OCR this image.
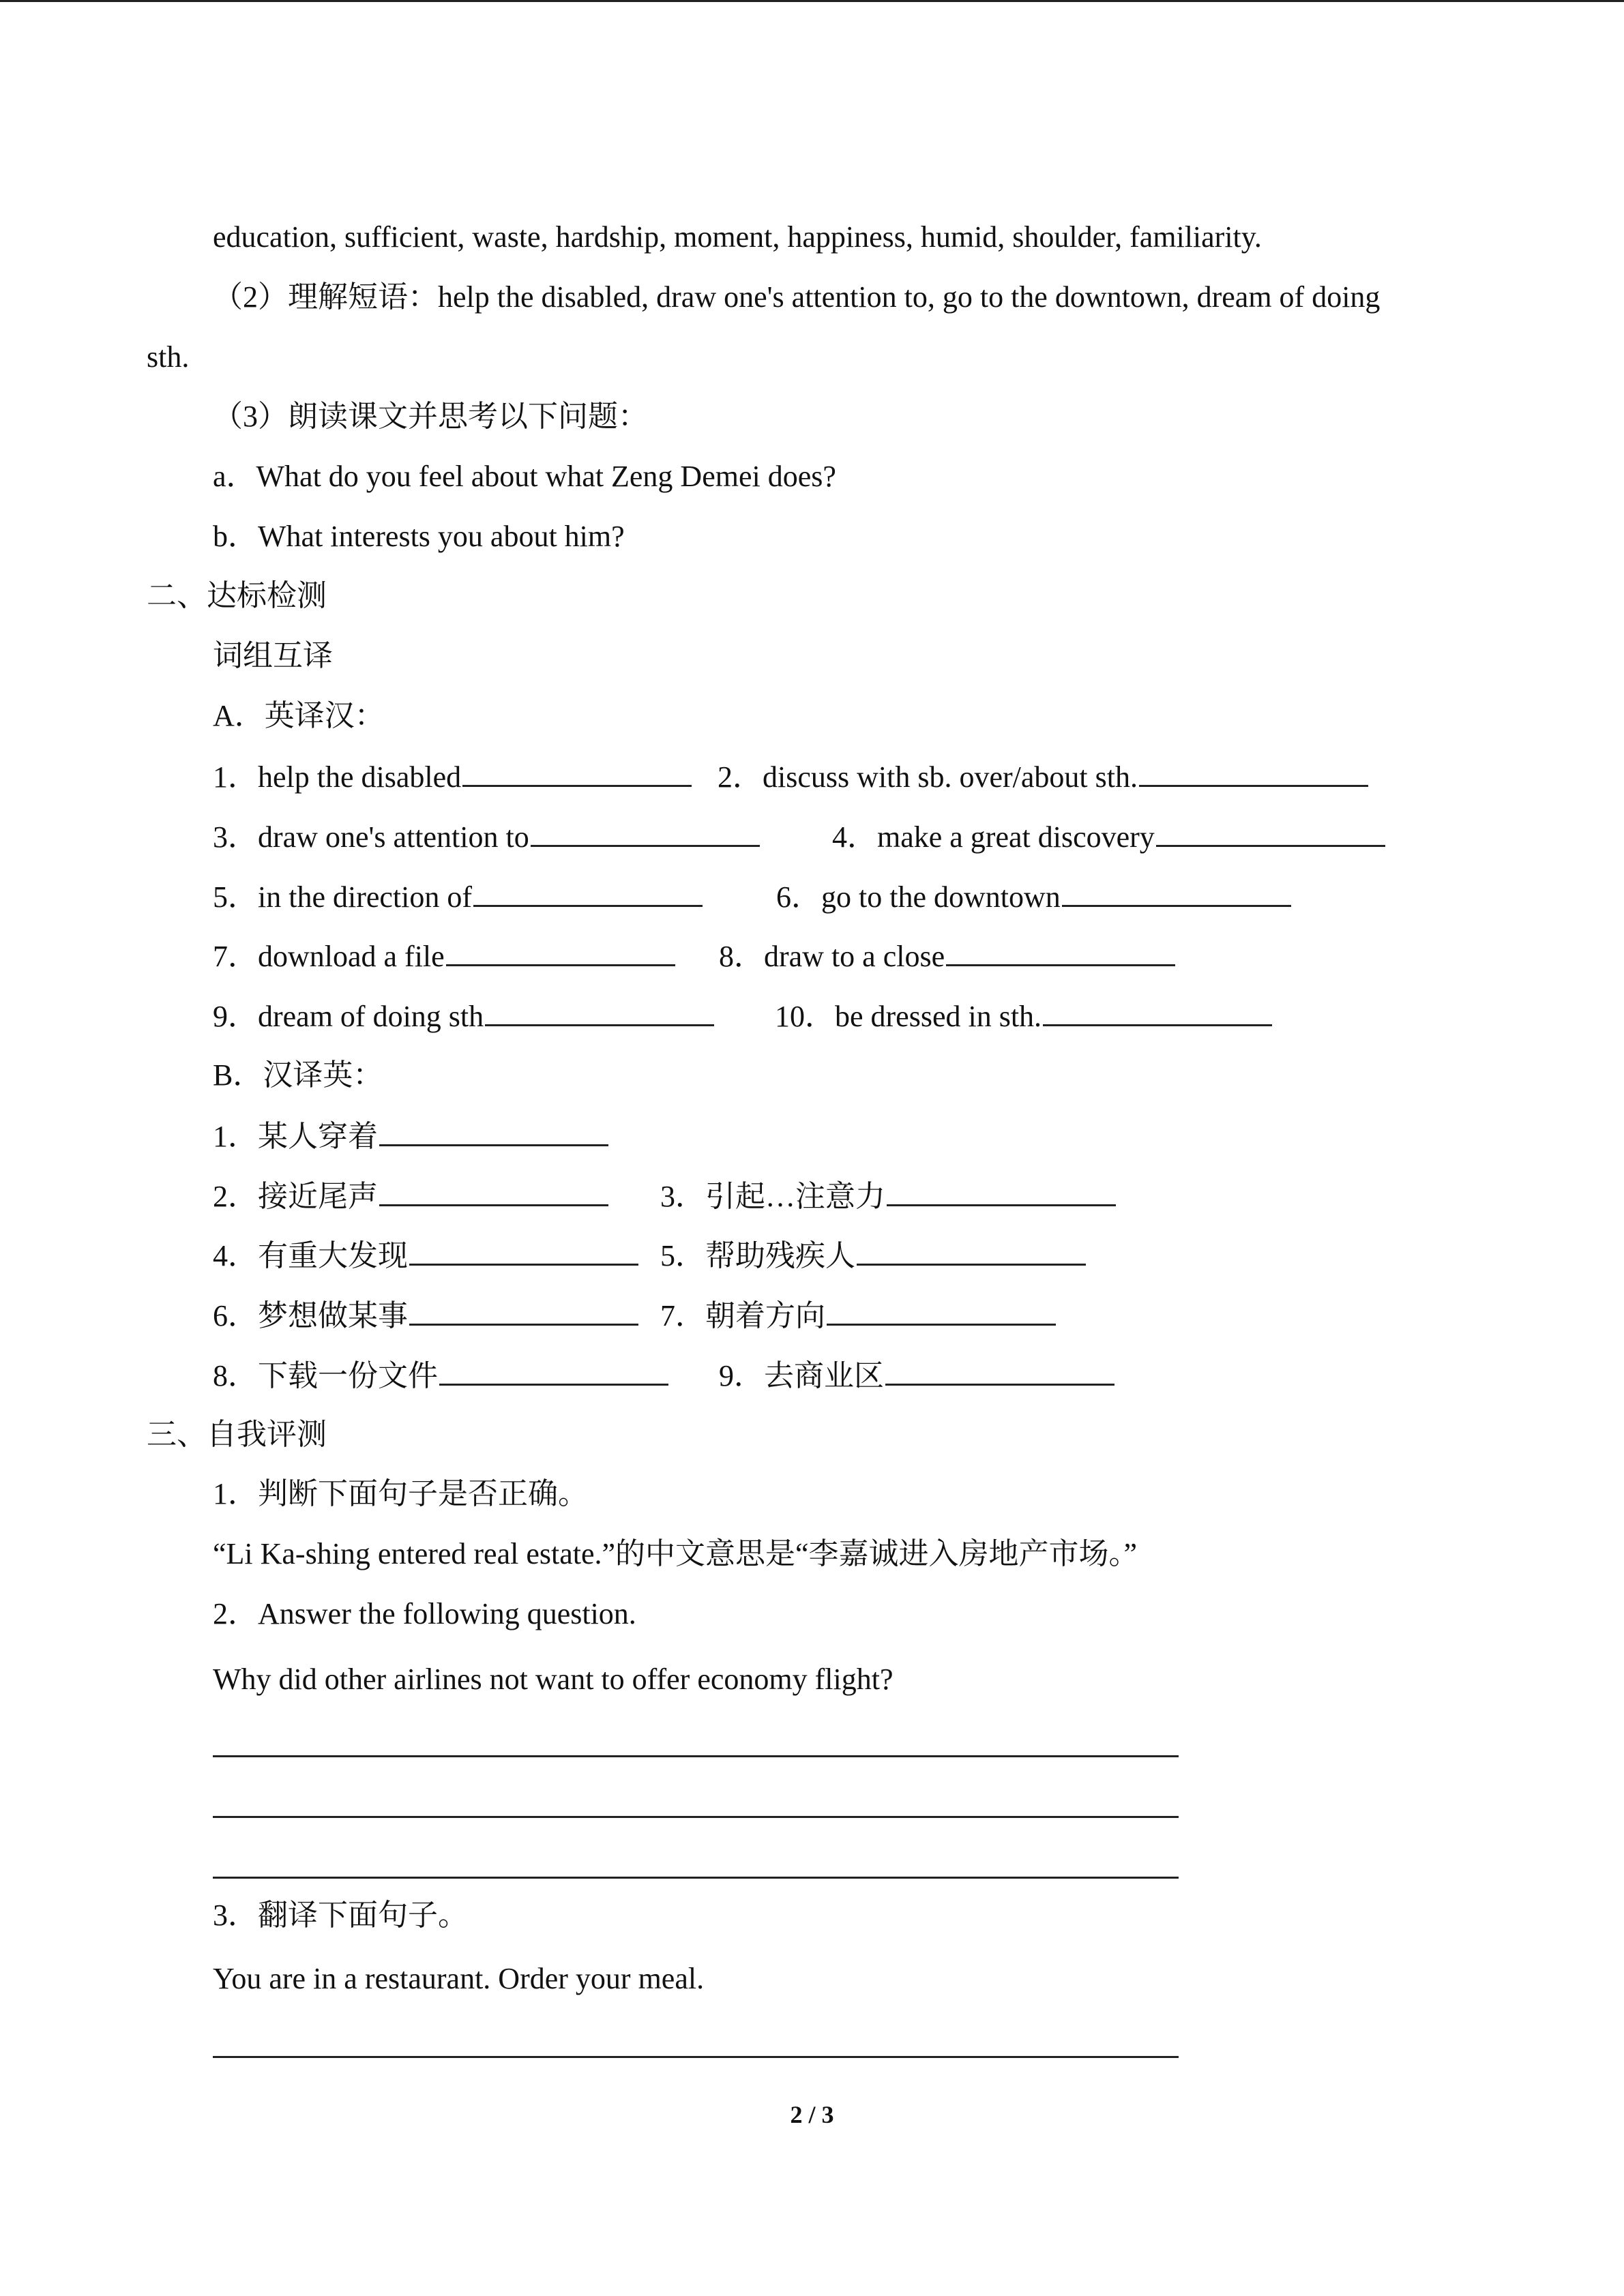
education, sufficient, waste, hardship, moment, happiness, humid, shoulder, familiarity.
（2）理解短语：help the disabled, draw one's attention to, go to the downtown, dream of doing
sth.
（3）朗读课文并思考以下问题：
a．What do you feel about what Zeng Demei does?
b．What interests you about him?
二、达标检测
词组互译
A．英译汉：
1．help the disabled	2．discuss with sb. over/about sth.
3．draw one's attention to	4．make a great discovery
5．in the direction of	6．go to the downtown
7．download a file	8．draw to a close
9．dream of doing sth	10．be dressed in sth.
B．汉译英：
1．某人穿着
2．接近尾声	3．引起…注意力
4．有重大发现	5．帮助残疾人
6．梦想做某事	7．朝着方向
8．下载一份文件	9．去商业区
三、自我评测
1．判断下面句子是否正确。
“Li Ka-shing entered real estate.”的中文意思是“李嘉诚进入房地产市场。”
2．Answer the following question.
Why did other airlines not want to offer economy flight?
3．翻译下面句子。
You are in a restaurant. Order your meal.
2 / 3
